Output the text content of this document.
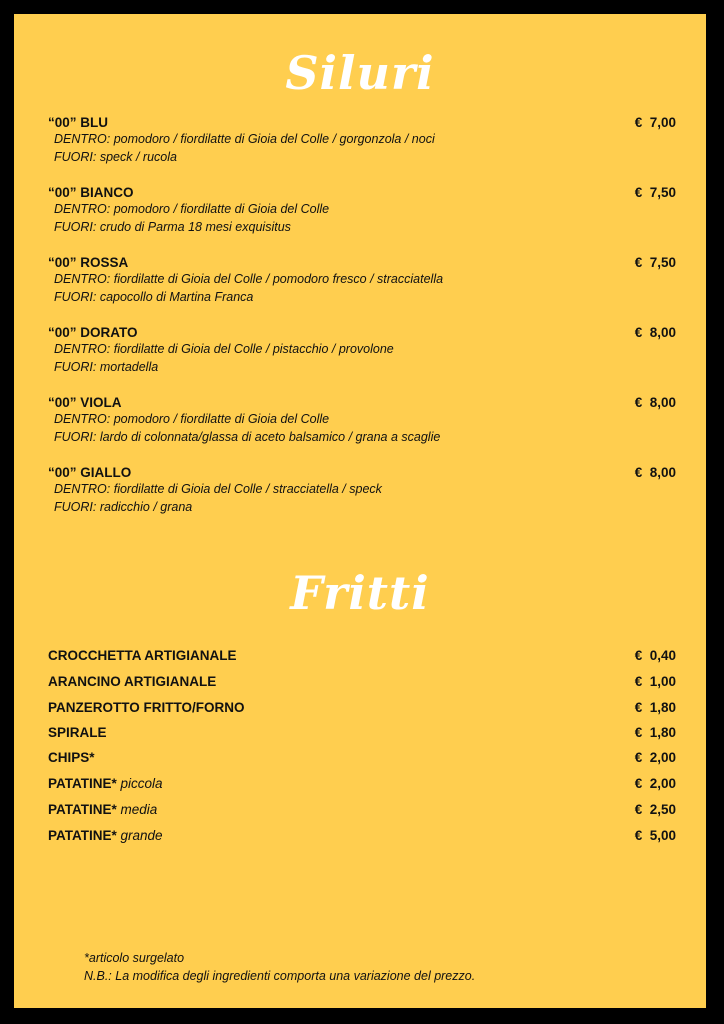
Siluri
“00” BLU	€  7,00
DENTRO: pomodoro / fiordilatte di Gioia del Colle / gorgonzola / noci
FUORI: speck / rucola
“00” BIANCO	€  7,50
DENTRO: pomodoro / fiordilatte di Gioia del Colle
FUORI: crudo di Parma 18 mesi exquisitus
“00” ROSSA	€  7,50
DENTRO: fiordilatte di Gioia del Colle / pomodoro fresco / stracciatella
FUORI: capocollo di Martina Franca
“00” DORATO	€  8,00
DENTRO: fiordilatte di Gioia del Colle / pistacchio / provolone
FUORI: mortadella
“00” VIOLA	€  8,00
DENTRO: pomodoro / fiordilatte di Gioia del Colle
FUORI: lardo di colonnata/glassa di aceto balsamico / grana a scaglie
“00” GIALLO	€  8,00
DENTRO: fiordilatte di Gioia del Colle / stracciatella / speck
FUORI: radicchio / grana
Fritti
CROCCHETTA ARTIGIANALE	€  0,40
ARANCINO ARTIGIANALE	€  1,00
PANZEROTTO FRITTO/FORNO	€  1,80
SPIRALE	€  1,80
CHIPS*	€  2,00
PATATINE* piccola	€  2,00
PATATINE* media	€  2,50
PATATINE* grande	€  5,00
*articolo surgelato
N.B.: La modifica degli ingredienti comporta una variazione del prezzo.
